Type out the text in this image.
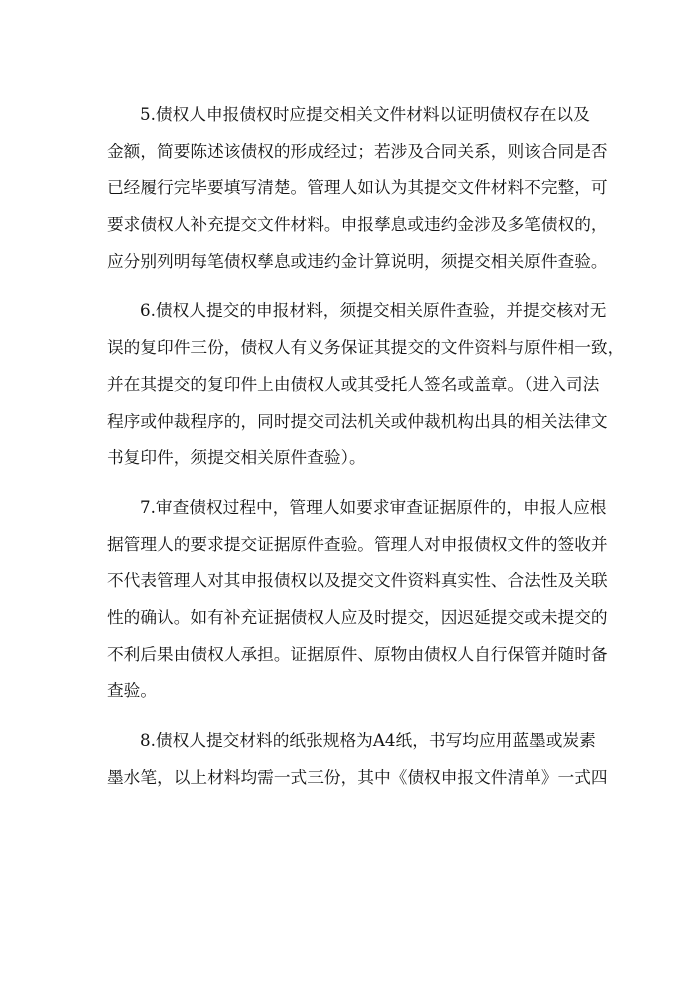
5.债权人申报债权时应提交相关文件材料以证明债权存在以及
金额，简要陈述该债权的形成经过；若涉及合同关系，则该合同是否
已经履行完毕要填写清楚。管理人如认为其提交文件材料不完整，可
要求债权人补充提交文件材料。申报孳息或违约金涉及多笔债权的，
应分别列明每笔债权孳息或违约金计算说明，须提交相关原件查验。
6.债权人提交的申报材料，须提交相关原件查验，并提交核对无
误的复印件三份，债权人有义务保证其提交的文件资料与原件相一致，
并在其提交的复印件上由债权人或其受托人签名或盖章。（进入司法
程序或仲裁程序的，同时提交司法机关或仲裁机构出具的相关法律文
书复印件，须提交相关原件查验）。
7.审查债权过程中，管理人如要求审查证据原件的，申报人应根
据管理人的要求提交证据原件查验。管理人对申报债权文件的签收并
不代表管理人对其申报债权以及提交文件资料真实性、合法性及关联
性的确认。如有补充证据债权人应及时提交，因迟延提交或未提交的
不利后果由债权人承担。证据原件、原物由债权人自行保管并随时备
查验。
8.债权人提交材料的纸张规格为A4纸，书写均应用蓝墨或炭素
墨水笔，以上材料均需一式三份，其中《债权申报文件清单》一式四
